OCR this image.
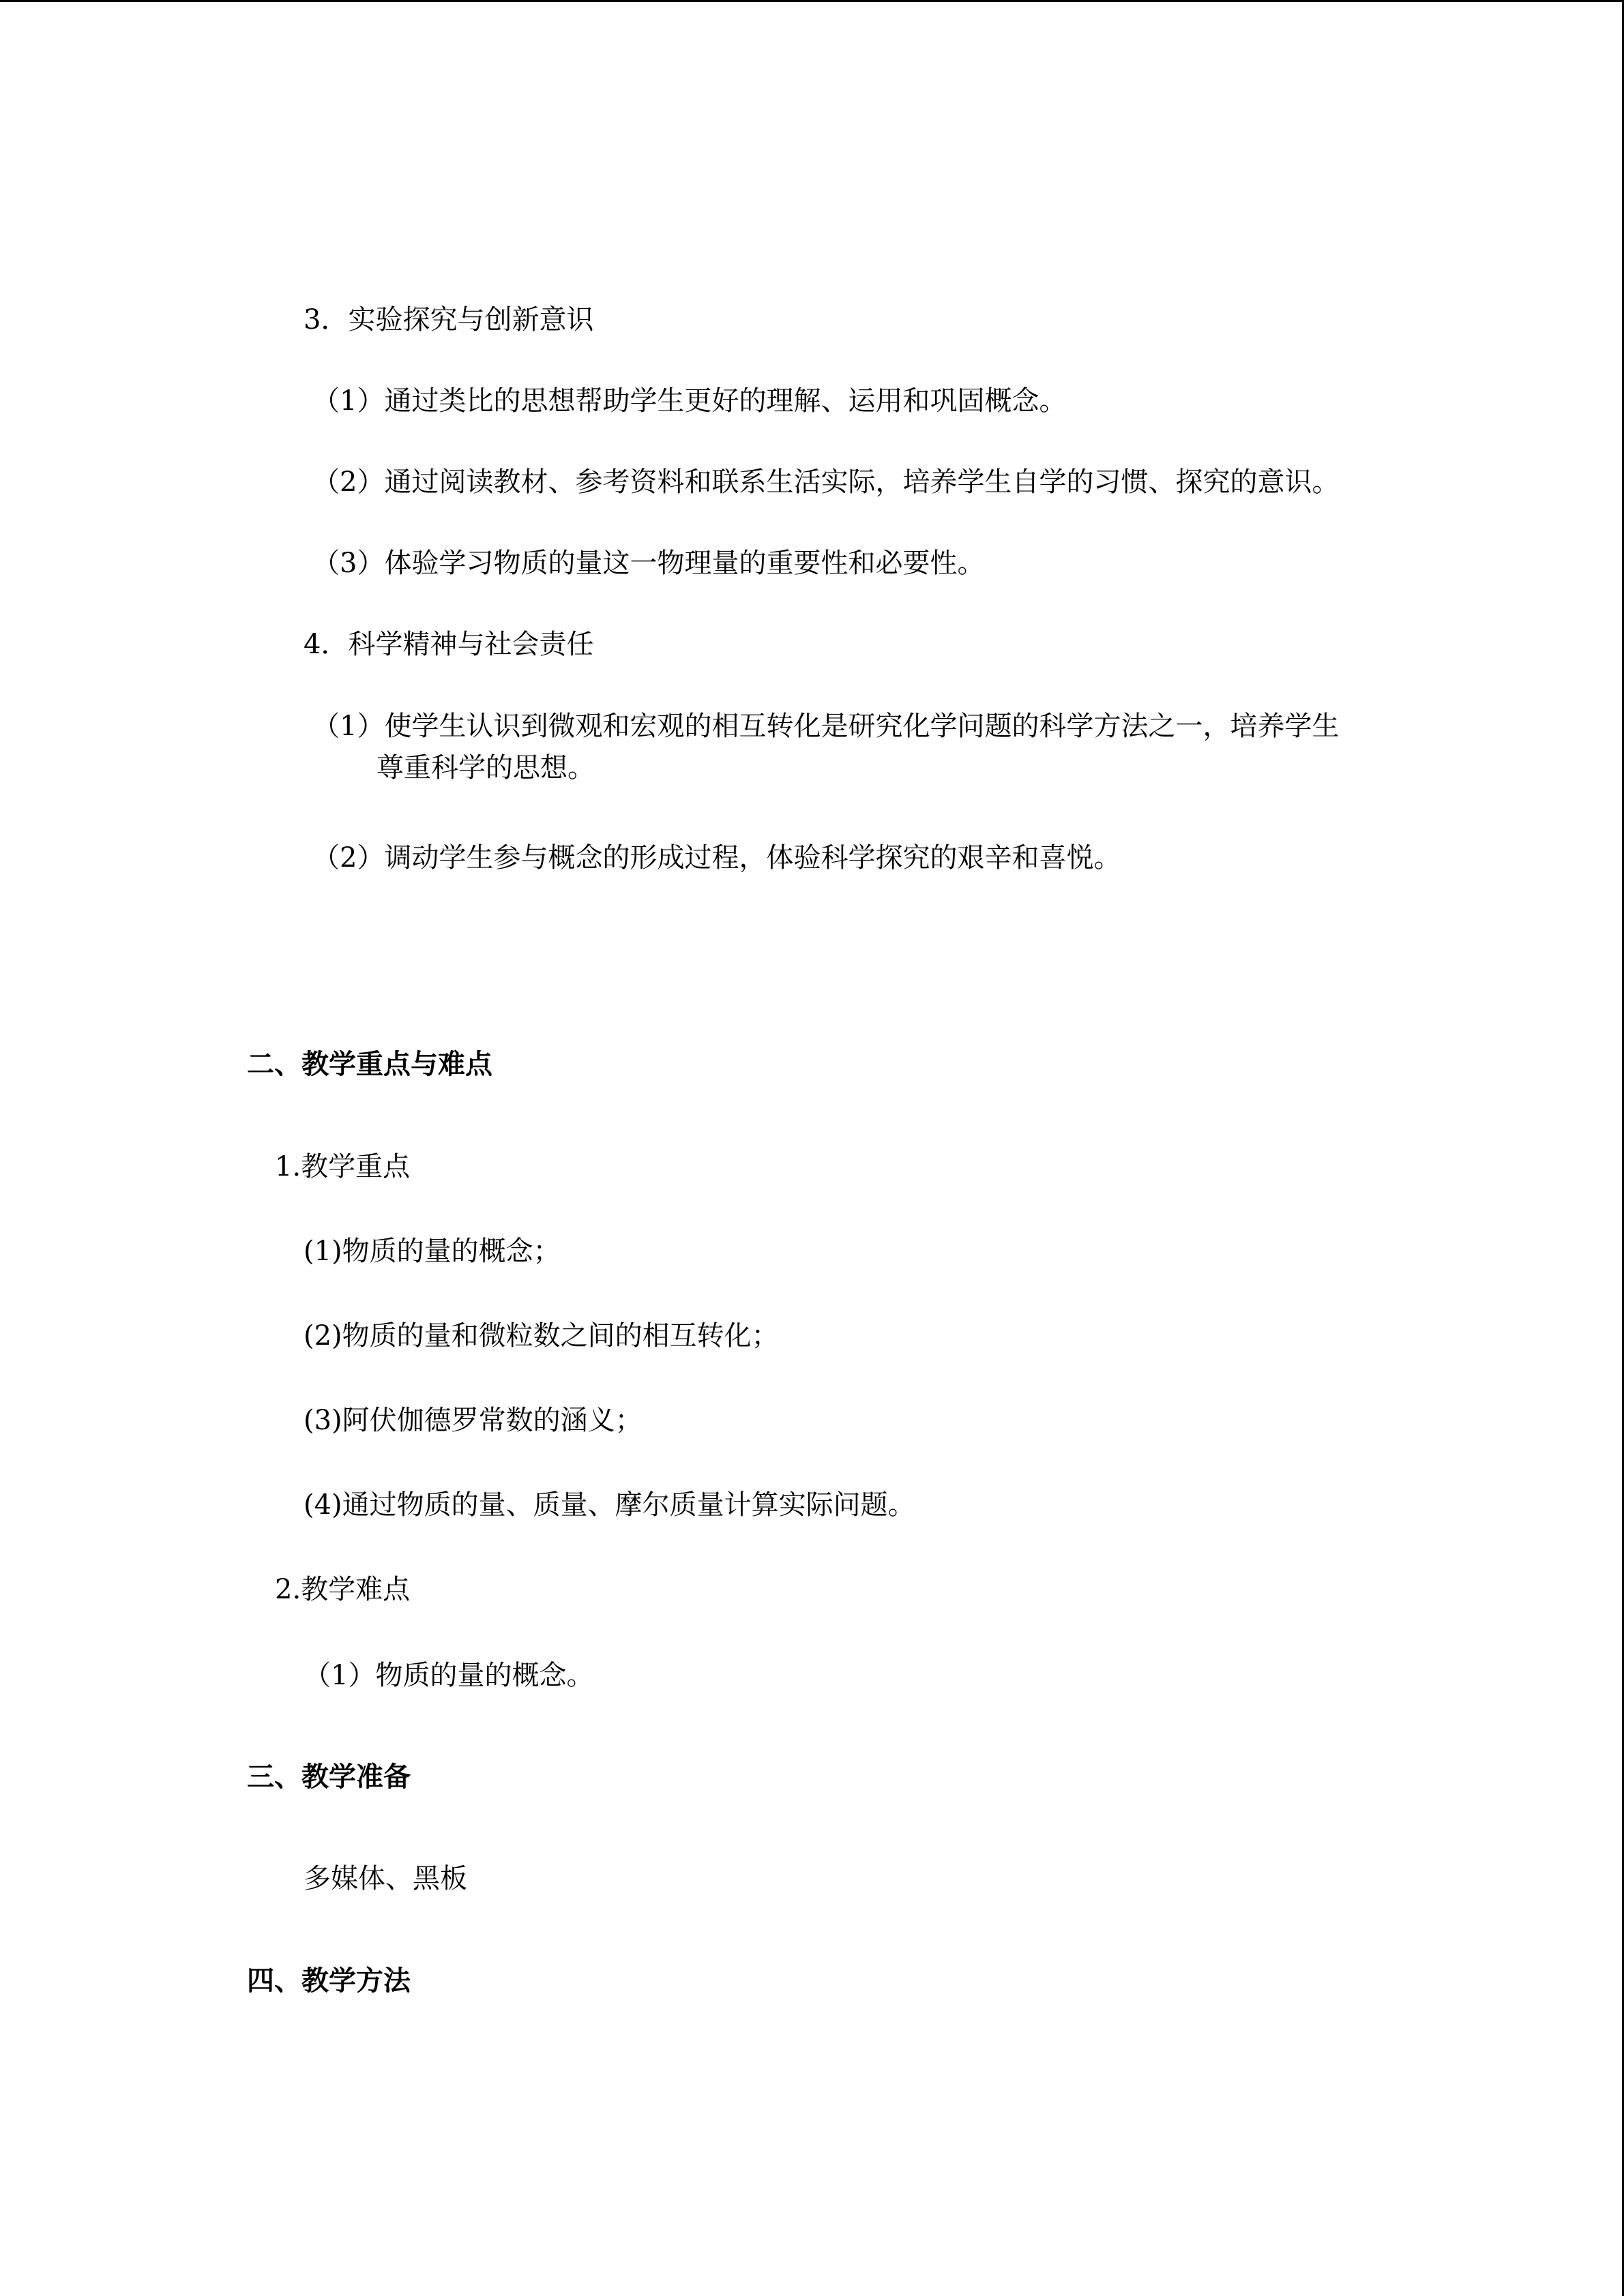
3．实验探究与创新意识
（1）通过类比的思想帮助学生更好的理解、运用和巩固概念。
（2）通过阅读教材、参考资料和联系生活实际，培养学生自学的习惯、探究的意识。
（3）体验学习物质的量这一物理量的重要性和必要性。
4．科学精神与社会责任
（1）使学生认识到微观和宏观的相互转化是研究化学问题的科学方法之一，培养学生
尊重科学的思想。
（2）调动学生参与概念的形成过程，体验科学探究的艰辛和喜悦。
二、教学重点与难点
1.教学重点
(1)物质的量的概念；
(2)物质的量和微粒数之间的相互转化；
(3)阿伏伽德罗常数的涵义；
(4)通过物质的量、质量、摩尔质量计算实际问题。
2.教学难点
（1）物质的量的概念。
三、教学准备
多媒体、黑板
四、教学方法
